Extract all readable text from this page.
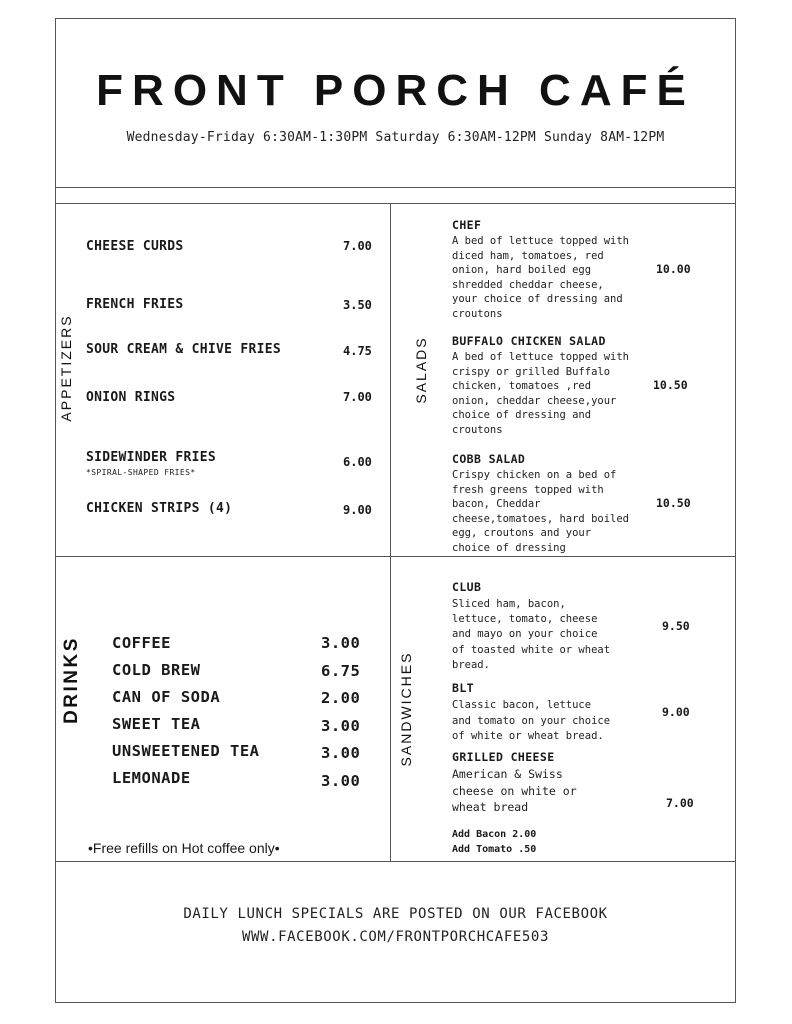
FRONT PORCH CAFÉ
Wednesday-Friday 6:30AM-1:30PM Saturday 6:30AM-12PM Sunday 8AM-12PM
APPETIZERS
CHEESE CURDS	7.00
FRENCH FRIES	3.50
SOUR CREAM & CHIVE FRIES	4.75
ONION RINGS	7.00
SIDEWINDER FRIES
*SPIRAL-SHAPED FRIES*
6.00
CHICKEN STRIPS (4)	9.00
SALADS
CHEF
A bed of lettuce topped with
diced ham, tomatoes, red
onion, hard boiled egg
shredded cheddar cheese,
your choice of dressing and
croutons
10.00
BUFFALO CHICKEN SALAD
A bed of lettuce topped with
crispy or grilled Buffalo
chicken, tomatoes ,red
onion, cheddar cheese,your
choice of dressing and
croutons
10.50
COBB SALAD
Crispy chicken on a bed of
fresh greens topped with
bacon, Cheddar
cheese,tomatoes, hard boiled
egg, croutons and your
choice of dressing
10.50
DRINKS COFFEE	3.00
COLD BREW	6.75
CAN OF SODA	2.00
SWEET TEA	3.00
UNSWEETENED TEA	3.00
LEMONADE	3.00
•Free refills on Hot coffee only•
SANDWICHES
CLUB
Sliced ham, bacon,
lettuce, tomato, cheese
and mayo on your choice
of toasted white or wheat
bread.
9.50
BLT
Classic bacon, lettuce
and tomato on your choice
of white or wheat bread.
9.00
GRILLED CHEESE
American & Swiss
cheese on white or
wheat bread	7.00
Add Bacon 2.00
Add Tomato .50
DAILY LUNCH SPECIALS ARE POSTED ON OUR FACEBOOK
WWW.FACEBOOK.COM/FRONTPORCHCAFE503
